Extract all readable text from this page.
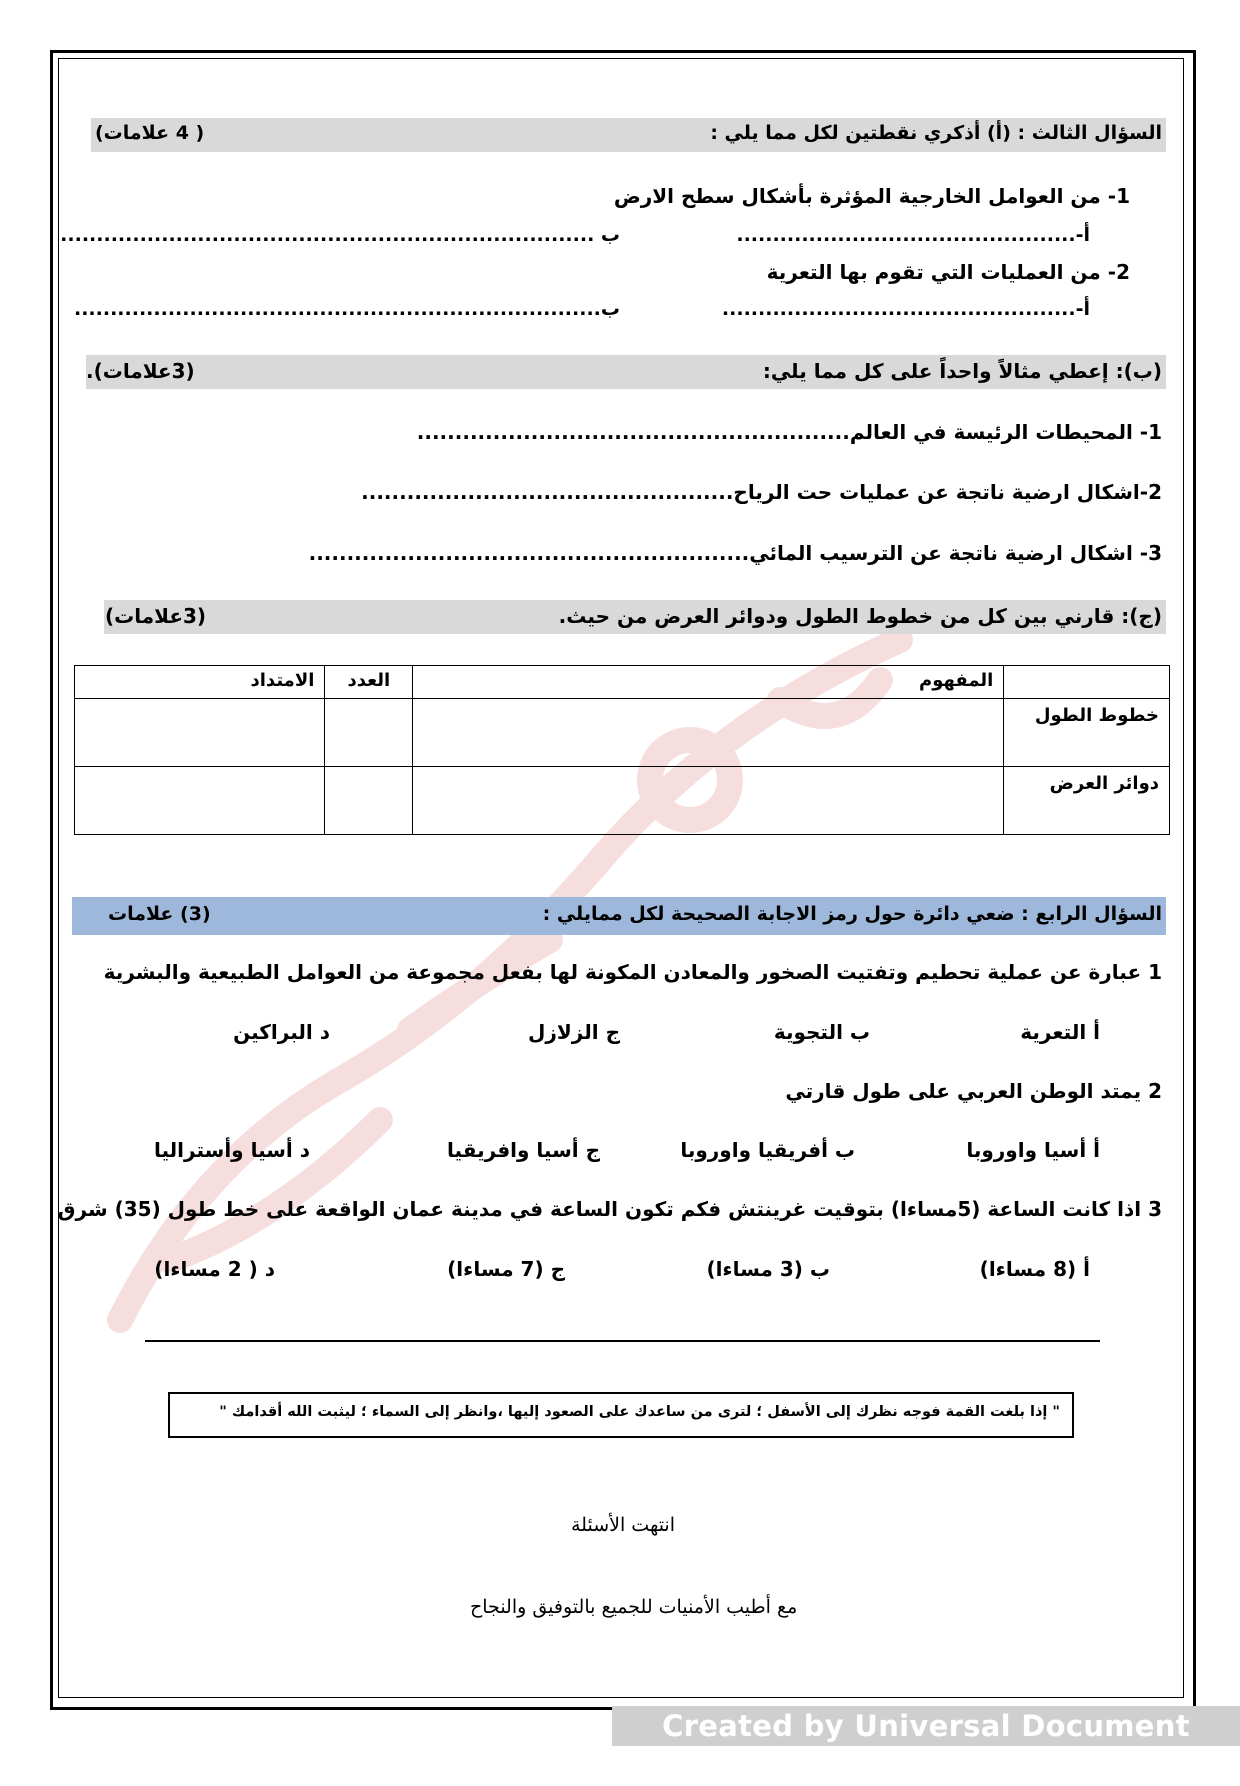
السؤال الثالث : (أ) أذكري نقطتين لكل مما يلي :
( 4 علامات)
1- من العوامل الخارجية المؤثرة بأشكال سطح الارض
أ-...............................................
ب ..........................................................................
2- من العمليات التي تقوم بها التعرية
أ-.................................................
ب.........................................................................
(ب): إعطي مثالاً واحداً على كل مما يلي:
(3علامات).
1- المحيطات الرئيسة في العالم.........................................................
2-اشكال ارضية ناتجة عن عمليات حت الرياح.................................................
3- اشكال ارضية ناتجة عن الترسيب المائي..........................................................
(ج): قارني بين كل من خطوط الطول ودوائر العرض من حيث.
(3علامات)
	المفهوم	العدد	الامتداد
خطوط الطول			
دوائر العرض			
السؤال الرابع : ضعي دائرة حول رمز الاجابة الصحيحة لكل ممايلي :
(3) علامات
1 عبارة عن عملية تحطيم وتفتيت الصخور والمعادن المكونة لها بفعل مجموعة من العوامل الطبيعية والبشرية
أ التعرية
ب التجوية
ج الزلازل
د البراكين
2 يمتد الوطن العربي على طول قارتي
أ أسيا واوروبا
ب أفريقيا واوروبا
ج أسيا وافريقيا
د أسيا وأستراليا
3 اذا كانت الساعة (5مساءا) بتوقيت غرينتش فكم تكون الساعة في مدينة عمان الواقعة على خط طول (35) شرق
أ (8 مساءا)
ب (3 مساءا)
ج (7 مساءا)
د ( 2 مساءا)
" إذا بلغت القمة فوجه نظرك إلى الأسفل ؛ لترى من ساعدك على الصعود إليها ،وانظر إلى السماء ؛ ليثبت الله أقدامك "
انتهت الأسئلة
مع أطيب الأمنيات للجميع بالتوفيق والنجاح
Created by Universal Document Converter
